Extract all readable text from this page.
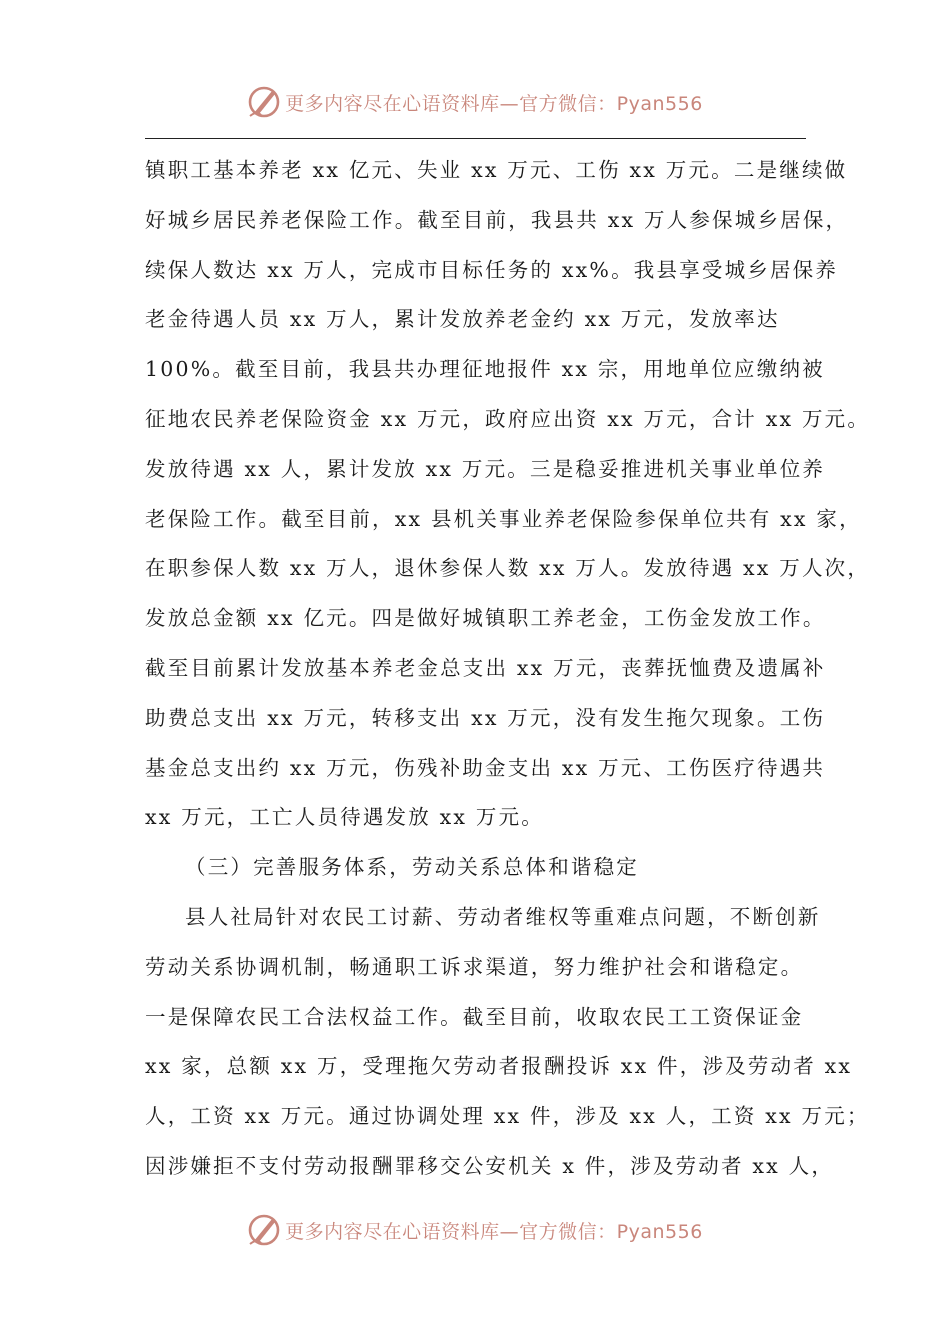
更多内容尽在心语资料库—官方微信：Pyan556
镇职工基本养老 xx 亿元、失业 xx 万元、工伤 xx 万元。二是继续做
好城乡居民养老保险工作。截至目前，我县共 xx 万人参保城乡居保，
续保人数达 xx 万人，完成市目标任务的 xx%。我县享受城乡居保养
老金待遇人员 xx 万人，累计发放养老金约 xx 万元，发放率达
100%。截至目前，我县共办理征地报件 xx 宗，用地单位应缴纳被
征地农民养老保险资金 xx 万元，政府应出资 xx 万元，合计 xx 万元。
发放待遇 xx 人，累计发放 xx 万元。三是稳妥推进机关事业单位养
老保险工作。截至目前，xx 县机关事业养老保险参保单位共有 xx 家，
在职参保人数 xx 万人，退休参保人数 xx 万人。发放待遇 xx 万人次，
发放总金额 xx 亿元。四是做好城镇职工养老金，工伤金发放工作。
截至目前累计发放基本养老金总支出 xx 万元，丧葬抚恤费及遗属补
助费总支出 xx 万元，转移支出 xx 万元，没有发生拖欠现象。工伤
基金总支出约 xx 万元，伤残补助金支出 xx 万元、工伤医疗待遇共
xx 万元，工亡人员待遇发放 xx 万元。
（三）完善服务体系，劳动关系总体和谐稳定
县人社局针对农民工讨薪、劳动者维权等重难点问题，不断创新
劳动关系协调机制，畅通职工诉求渠道，努力维护社会和谐稳定。
一是保障农民工合法权益工作。截至目前，收取农民工工资保证金
xx 家，总额 xx 万，受理拖欠劳动者报酬投诉 xx 件，涉及劳动者 xx
人，工资 xx 万元。通过协调处理 xx 件，涉及 xx 人，工资 xx 万元；
因涉嫌拒不支付劳动报酬罪移交公安机关 x 件，涉及劳动者 xx 人，
更多内容尽在心语资料库—官方微信：Pyan556
